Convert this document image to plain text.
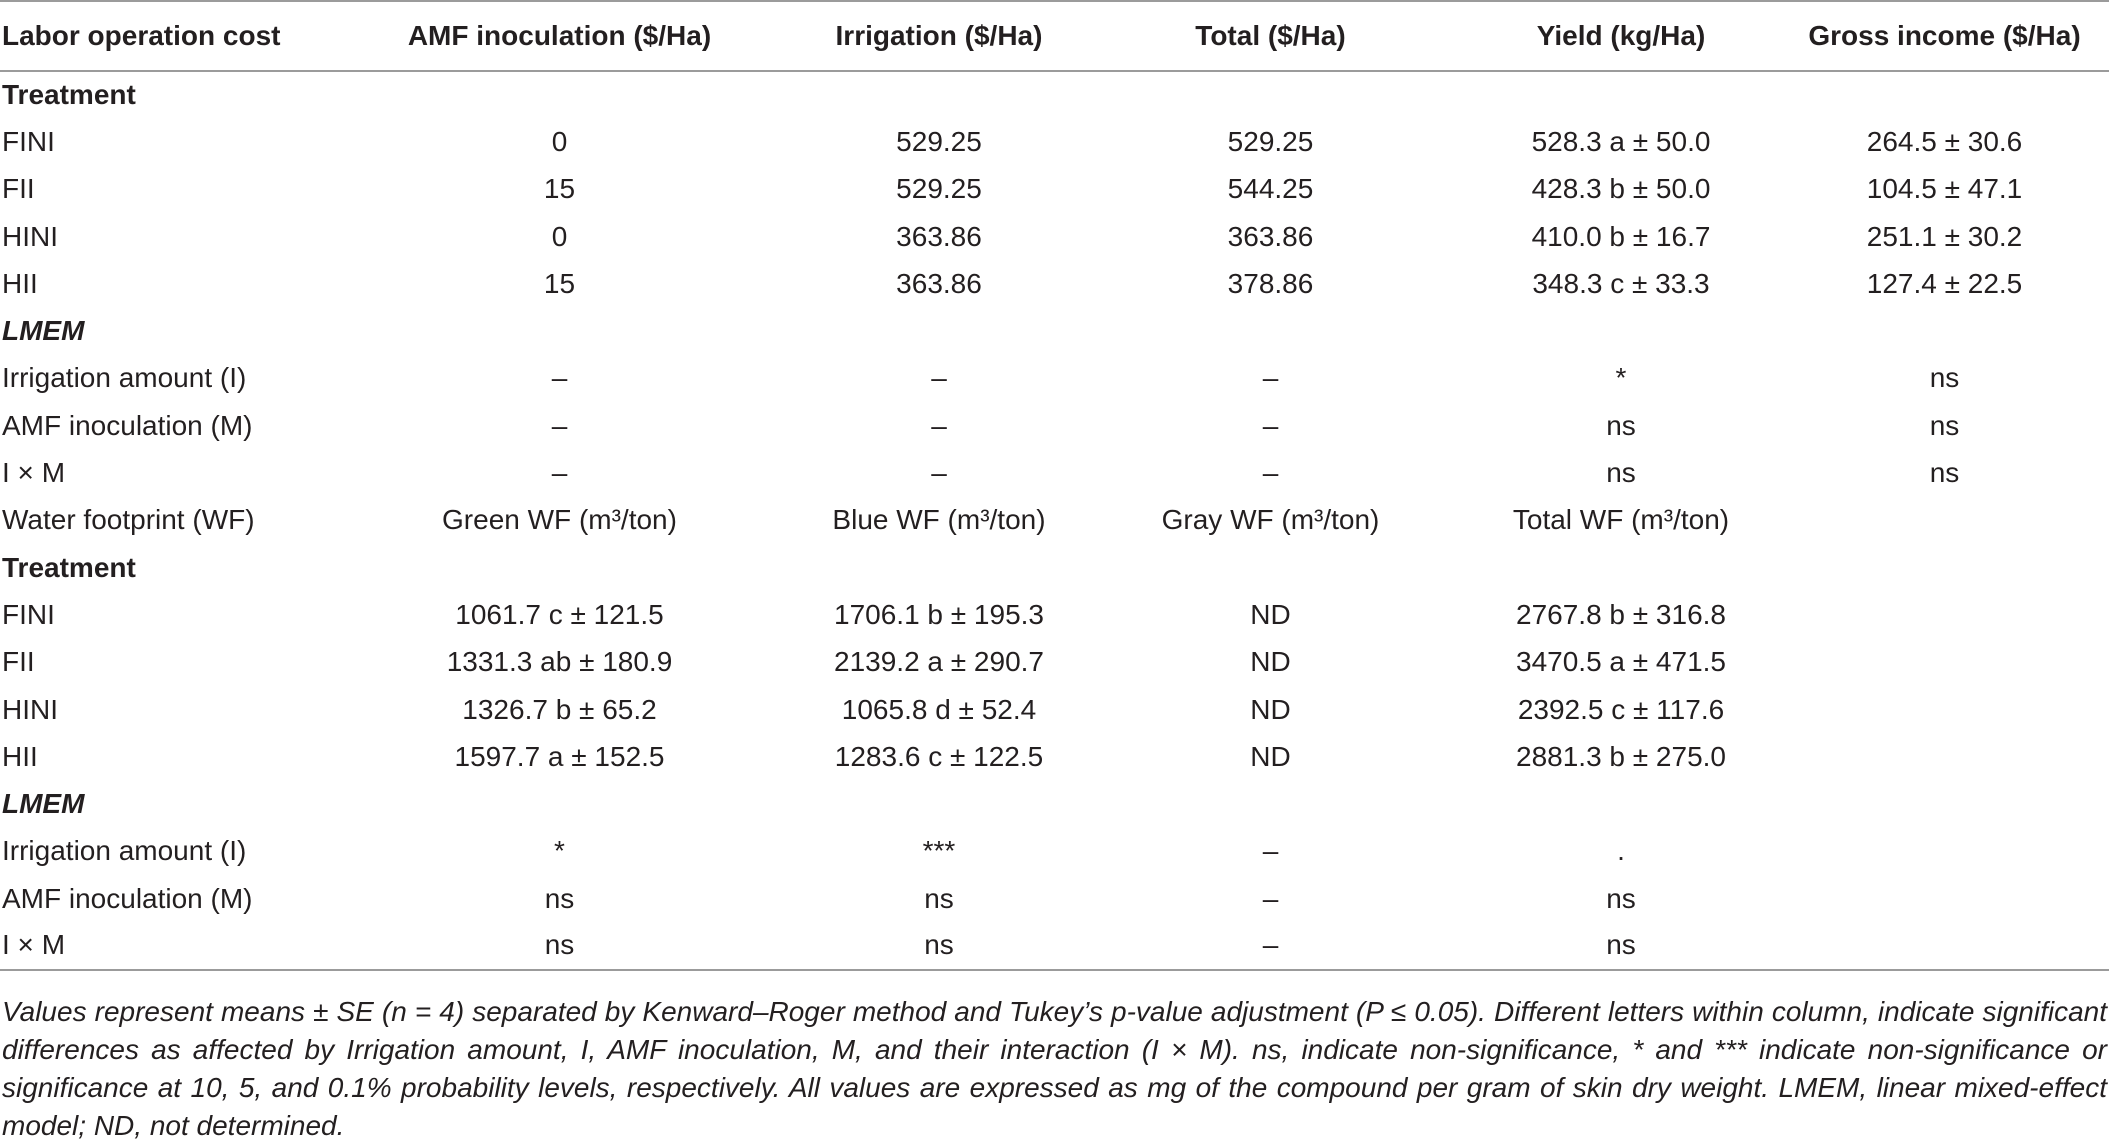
Labor operation cost	AMF inoculation ($/Ha)	Irrigation ($/Ha)	Total ($/Ha)	Yield (kg/Ha)	Gross income ($/Ha)
Treatment					
FINI	0	529.25	529.25	528.3 a ± 50.0	264.5 ± 30.6
FII	15	529.25	544.25	428.3 b ± 50.0	104.5 ± 47.1
HINI	0	363.86	363.86	410.0 b ± 16.7	251.1 ± 30.2
HII	15	363.86	378.86	348.3 c ± 33.3	127.4 ± 22.5
LMEM					
Irrigation amount (I)	–	–	–	*	ns
AMF inoculation (M)	–	–	–	ns	ns
I × M	–	–	–	ns	ns
Water footprint (WF)	Green WF (m³/ton)	Blue WF (m³/ton)	Gray WF (m³/ton)	Total WF (m³/ton)	
Treatment					
FINI	1061.7 c ± 121.5	1706.1 b ± 195.3	ND	2767.8 b ± 316.8	
FII	1331.3 ab ± 180.9	2139.2 a ± 290.7	ND	3470.5 a ± 471.5	
HINI	1326.7 b ± 65.2	1065.8 d ± 52.4	ND	2392.5 c ± 117.6	
HII	1597.7 a ± 152.5	1283.6 c ± 122.5	ND	2881.3 b ± 275.0	
LMEM					
Irrigation amount (I)	*	***	–	.	
AMF inoculation (M)	ns	ns	–	ns	
I × M	ns	ns	–	ns	
Values represent means ± SE (n = 4) separated by Kenward–Roger method and Tukey’s p-value adjustment (P ≤ 0.05). Different letters within column, indicate significant differences as affected by Irrigation amount, I, AMF inoculation, M, and their interaction (I × M). ns, indicate non-significance, * and *** indicate non-significance or significance at 10, 5, and 0.1% probability levels, respectively. All values are expressed as mg of the compound per gram of skin dry weight. LMEM, linear mixed-effect model; ND, not determined.
